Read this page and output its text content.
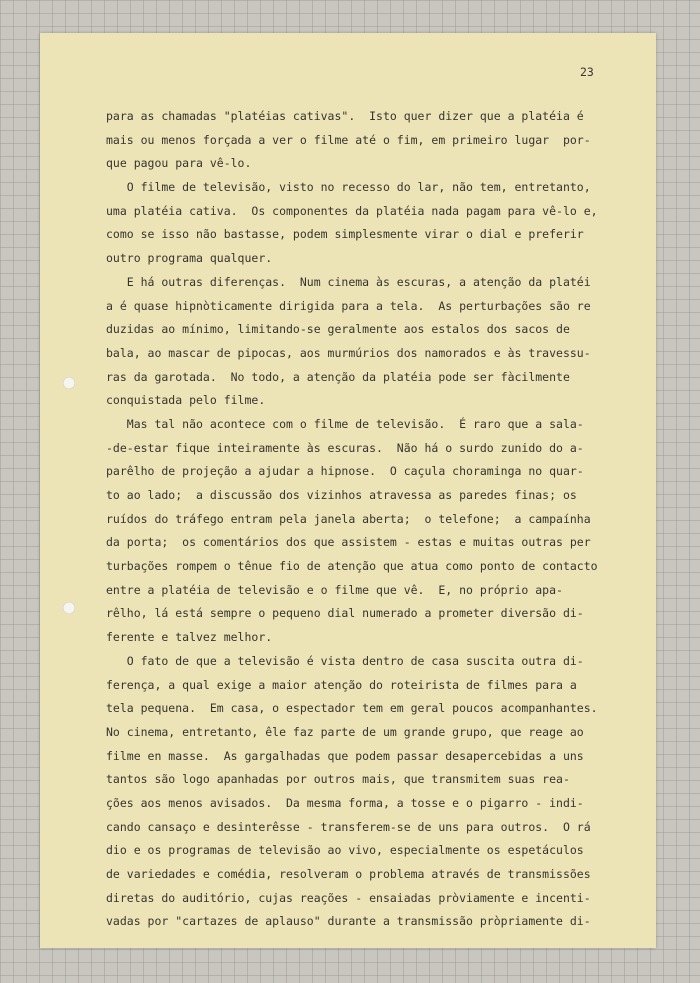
23
para as chamadas "platéias cativas".  Isto quer dizer que a platéia é
mais ou menos forçada a ver o filme até o fim, em primeiro lugar  por-
que pagou para vê-lo.
O filme de televisão, visto no recesso do lar, não tem, entretanto,
uma platéia cativa.  Os componentes da platéia nada pagam para vê-lo e,
como se isso não bastasse, podem simplesmente virar o dial e preferir
outro programa qualquer.
E há outras diferenças.  Num cinema às escuras, a atenção da platéi
a é quase hipnòticamente dirigida para a tela.  As perturbações são re
duzidas ao mínimo, limitando-se geralmente aos estalos dos sacos de
bala, ao mascar de pipocas, aos murmúrios dos namorados e às travessu-
ras da garotada.  No todo, a atenção da platéia pode ser fàcilmente
conquistada pelo filme.
Mas tal não acontece com o filme de televisão.  É raro que a sala-
-de-estar fique inteiramente às escuras.  Não há o surdo zunido do a-
parêlho de projeção a ajudar a hipnose.  O caçula choraminga no quar-
to ao lado;  a discussão dos vizinhos atravessa as paredes finas; os
ruídos do tráfego entram pela janela aberta;  o telefone;  a campaínha
da porta;  os comentários dos que assistem - estas e muitas outras per
turbações rompem o tênue fio de atenção que atua como ponto de contacto
entre a platéia de televisão e o filme que vê.  E, no próprio apa-
rêlho, lá está sempre o pequeno dial numerado a prometer diversão di-
ferente e talvez melhor.
O fato de que a televisão é vista dentro de casa suscita outra di-
ferença, a qual exige a maior atenção do roteirista de filmes para a
tela pequena.  Em casa, o espectador tem em geral poucos acompanhantes.
No cinema, entretanto, êle faz parte de um grande grupo, que reage ao
filme en masse.  As gargalhadas que podem passar desapercebidas a uns
tantos são logo apanhadas por outros mais, que transmitem suas rea-
ções aos menos avisados.  Da mesma forma, a tosse e o pigarro - indi-
cando cansaço e desinterêsse - transferem-se de uns para outros.  O rá
dio e os programas de televisão ao vivo, especialmente os espetáculos
de variedades e comédia, resolveram o problema através de transmissões
diretas do auditório, cujas reações - ensaiadas pròviamente e incenti-
vadas por "cartazes de aplauso" durante a transmissão pròpriamente di-
